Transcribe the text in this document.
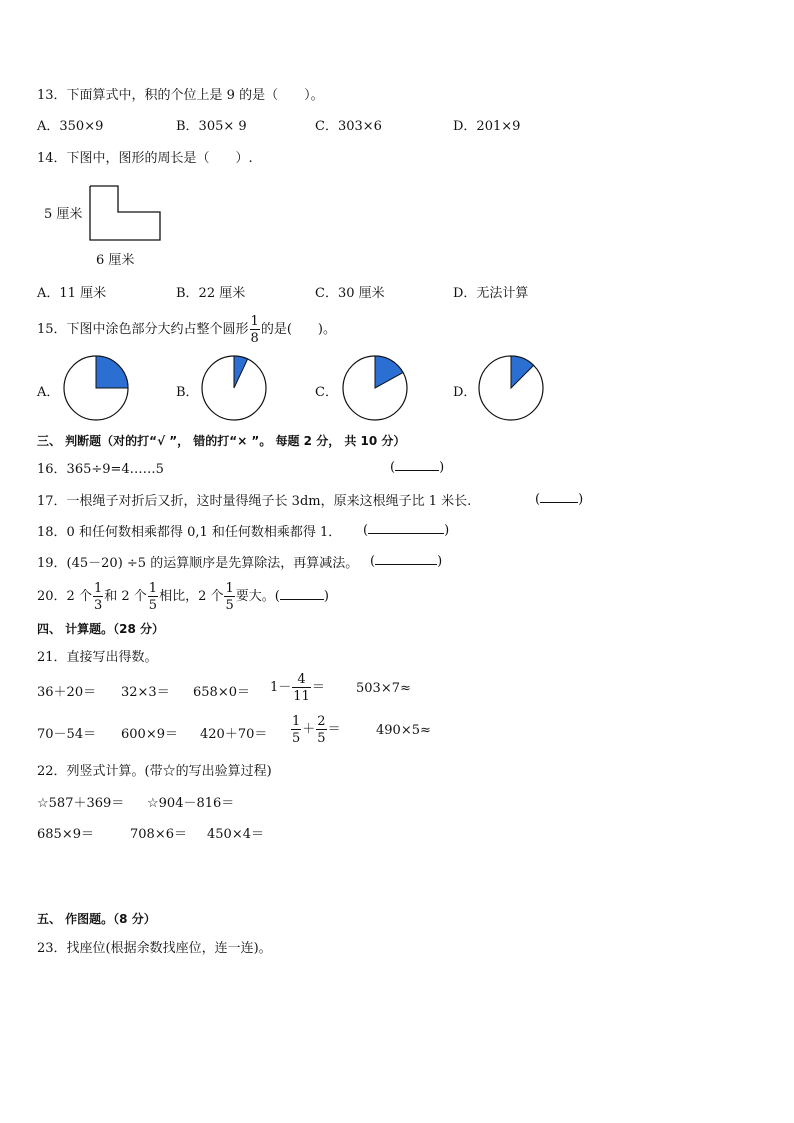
13．下面算式中，积的个位上是 9 的是（　　）。
A．350×9	B．305× 9	C．303×6	D．201×9
14．下图中，图形的周长是（　　）.
5 厘米
6 厘米
A．11 厘米	B．22 厘米	C．30 厘米	D．无法计算
15．下图中涂色部分大约占整个圆形 $\frac{1}{8}$ 的是(　　)。
A．	B．	C．	D．
三、 判断题（对的打“√ ”， 错的打“× ”。 每题 2 分， 共 10 分）
16．365÷9=4……5	(	)
17．一根绳子对折后又折，这时量得绳子长 3dm，原来这根绳子比 1 米长.	(	)
18．0 和任何数相乘都得 0,1 和任何数相乘都得 1． (	)
19．(45－20) ÷5 的运算顺序是先算除法，再算减法。 (	)
20．2 个 $\frac{1}{3}$ 和 2 个 $\frac{1}{5}$ 相比，2 个 $\frac{1}{5}$ 要大。(	)
四、 计算题。（28 分）
21．直接写出得数。
$36+20= 32\times 3= 658\times 0= 1- \frac{4}{11} = 503\times 7\approx$
$70-54= 600\times 9= 420+70= \frac{1}{5} + \frac{2}{5}$ ＝	490×5≈
22．列竖式计算。(带☆的写出验算过程)
☆587＋369＝ ☆904－816＝
685×9＝	708×6＝ 450×4＝
五、 作图题。（8 分）
23．找座位(根据余数找座位，连一连)。
